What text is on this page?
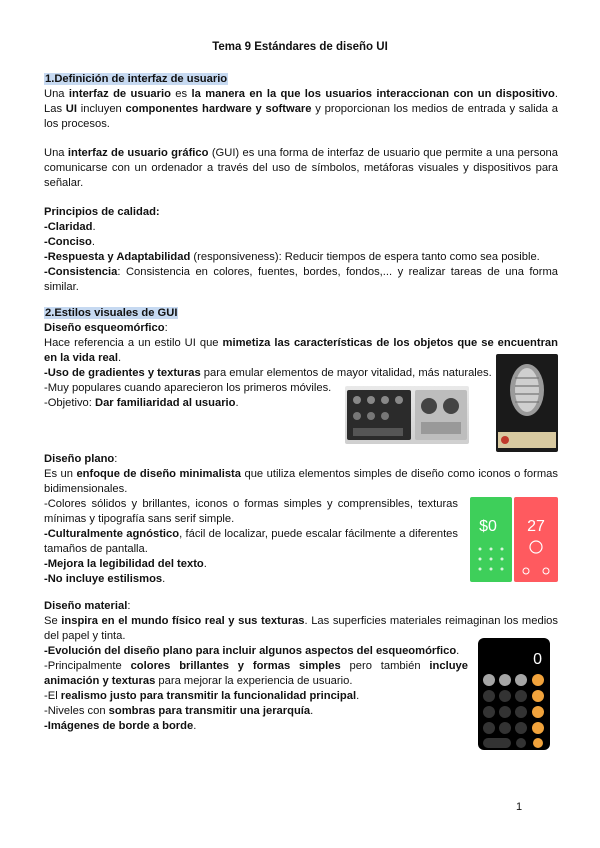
Tema 9 Estándares de diseño UI
1.Definición de interfaz de usuario
Una interfaz de usuario es la manera en la que los usuarios interaccionan con un dispositivo. Las UI incluyen componentes hardware y software y proporcionan los medios de entrada y salida a los procesos.
Una interfaz de usuario gráfico (GUI) es una forma de interfaz de usuario que permite a una persona comunicarse con un ordenador a través del uso de símbolos, metáforas visuales y dispositivos para señalar.
Principios de calidad:
-Claridad.
-Conciso.
-Respuesta y Adaptabilidad (responsiveness): Reducir tiempos de espera tanto como sea posible.
-Consistencia: Consistencia en colores, fuentes, bordes, fondos,... y realizar tareas de una forma similar.
2.Estilos visuales de GUI
Diseño esqueomórfico:
Hace referencia a un estilo UI que mimetiza las características de los objetos que se encuentran en la vida real.
-Uso de gradientes y texturas para emular elementos de mayor vitalidad, más naturales.
-Muy populares cuando aparecieron los primeros móviles.
-Objetivo: Dar familiaridad al usuario.
Diseño plano:
Es un enfoque de diseño minimalista que utiliza elementos simples de diseño como iconos o formas bidimensionales.
-Colores sólidos y brillantes, iconos o formas simples y comprensibles, texturas mínimas y tipografía sans serif simple.
-Culturalmente agnóstico, fácil de localizar, puede escalar fácilmente a diferentes tamaños de pantalla.
-Mejora la legibilidad del texto.
-No incluye estilismos.
$0 27
Diseño material:
Se inspira en el mundo físico real y sus texturas. Las superficies materiales reimaginan los medios del papel y tinta.
-Evolución del diseño plano para incluir algunos aspectos del esqueomórfico.
-Principalmente colores brillantes y formas simples pero también incluye animación y texturas para mejorar la experiencia de usuario.
-El realismo justo para transmitir la funcionalidad principal.
-Niveles con sombras para transmitir una jerarquía.
-Imágenes de borde a borde.
0
1
